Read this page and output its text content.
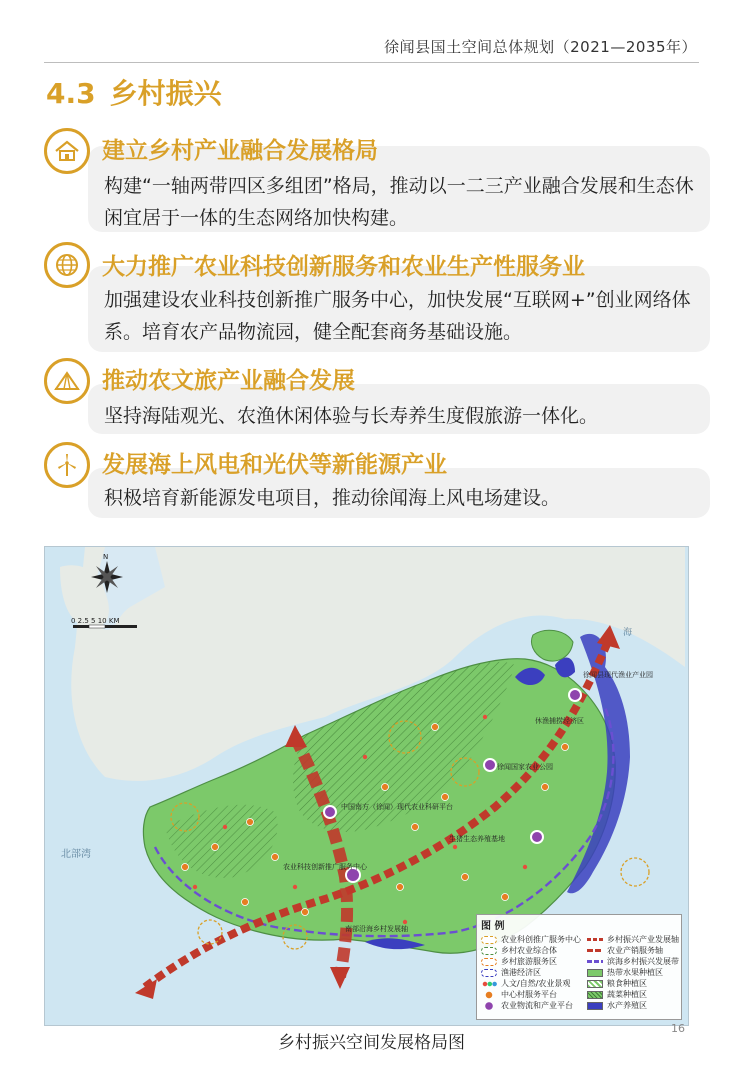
徐闻县国土空间总体规划（2021—2035年）
4.3 乡村振兴
建立乡村产业融合发展格局
构建“一轴两带四区多组团”格局，推动以一二三产业融合发展和生态休闲宜居于一体的生态网络加快构建。
大力推广农业科技创新服务和农业生产性服务业
加强建设农业科技创新推广服务中心，加快发展“互联网+”创业网络体系。培育农产品物流园，健全配套商务基础设施。
推动农文旅产业融合发展
坚持海陆观光、农渔休闲体验与长寿养生度假旅游一体化。
发展海上风电和光伏等新能源产业
积极培育新能源发电项目，推动徐闻海上风电场建设。
N
0 2.5 5 10 KM
北部湾
海
徐闻县现代渔业产业园
徐闻国家农业公园
中国南方（徐闻）现代农业科研平台
农业科技创新推广服务中心
生猪生态养殖基地
休渔捕捞经济区
南部沿海乡村发展轴	图 例
农业科创推广服务中心
乡村农业综合体
乡村旅游服务区
渔港经济区
人文/自然/农业景观
中心村服务平台
农业物流和产业平台
乡村振兴产业发展轴
农业产销服务轴
滨海乡村振兴发展带
热带水果种植区
粮食种植区
蔬菜种植区
水产养殖区
16
乡村振兴空间发展格局图
